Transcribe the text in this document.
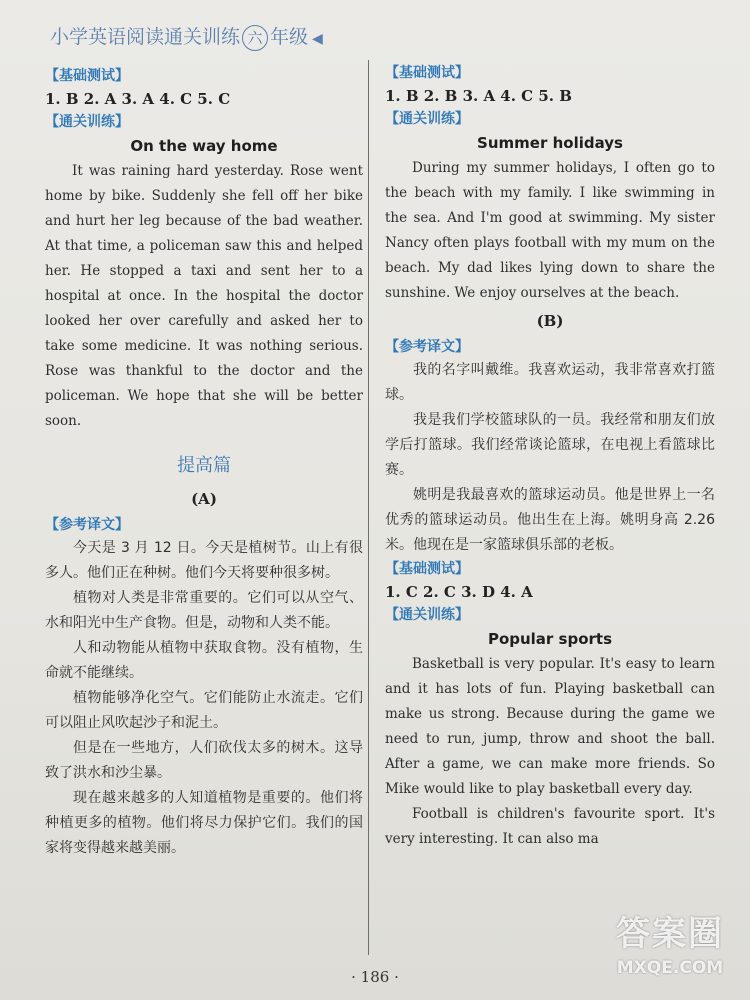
小学英语阅读通关训练 六 年级 ◀
【基础测试】
1. B 2. A 3. A 4. C 5. C
【通关训练】
On the way home

It was raining hard yesterday. Rose went home by bike. Suddenly she fell off her bike and hurt her leg because of the bad weather. At that time, a policeman saw this and helped her. He stopped a taxi and sent her to a hospital at once. In the hospital the doctor looked her over carefully and asked her to take some medicine. It was nothing serious. Rose was thankful to the doctor and the policeman. We hope that she will be better soon.

提高篇
(A)
【参考译文】

今天是 3 月 12 日。今天是植树节。山上有很多人。他们正在种树。他们今天将要种很多树。

植物对人类是非常重要的。它们可以从空气、水和阳光中生产食物。但是，动物和人类不能。

人和动物能从植物中获取食物。没有植物，生命就不能继续。

植物能够净化空气。它们能防止水流走。它们可以阻止风吹起沙子和泥土。

但是在一些地方，人们砍伐太多的树木。这导致了洪水和沙尘暴。

现在越来越多的人知道植物是重要的。他们将种植更多的植物。他们将尽力保护它们。我们的国家将变得越来越美丽。

【基础测试】
1. B 2. B 3. A 4. C 5. B
【通关训练】
Summer holidays

During my summer holidays, I often go to the beach with my family. I like swimming in the sea. And I'm good at swimming. My sister Nancy often plays football with my mum on the beach. My dad likes lying down to share the sunshine. We enjoy ourselves at the beach.

(B)
【参考译文】

我的名字叫戴维。我喜欢运动，我非常喜欢打篮球。

我是我们学校篮球队的一员。我经常和朋友们放学后打篮球。我们经常谈论篮球，在电视上看篮球比赛。

姚明是我最喜欢的篮球运动员。他是世界上一名优秀的篮球运动员。他出生在上海。姚明身高 2.26 米。他现在是一家篮球俱乐部的老板。

【基础测试】
1. C 2. C 3. D 4. A
【通关训练】
Popular sports

Basketball is very popular. It's easy to learn and it has lots of fun. Playing basketball can make us strong. Because during the game we need to run, jump, throw and shoot the ball. After a game, we can make more friends. So Mike would like to play basketball every day.

Football is children's favourite sport. It's very interesting. It can also ma

· 186 ·
答案圈
MXQE.COM
